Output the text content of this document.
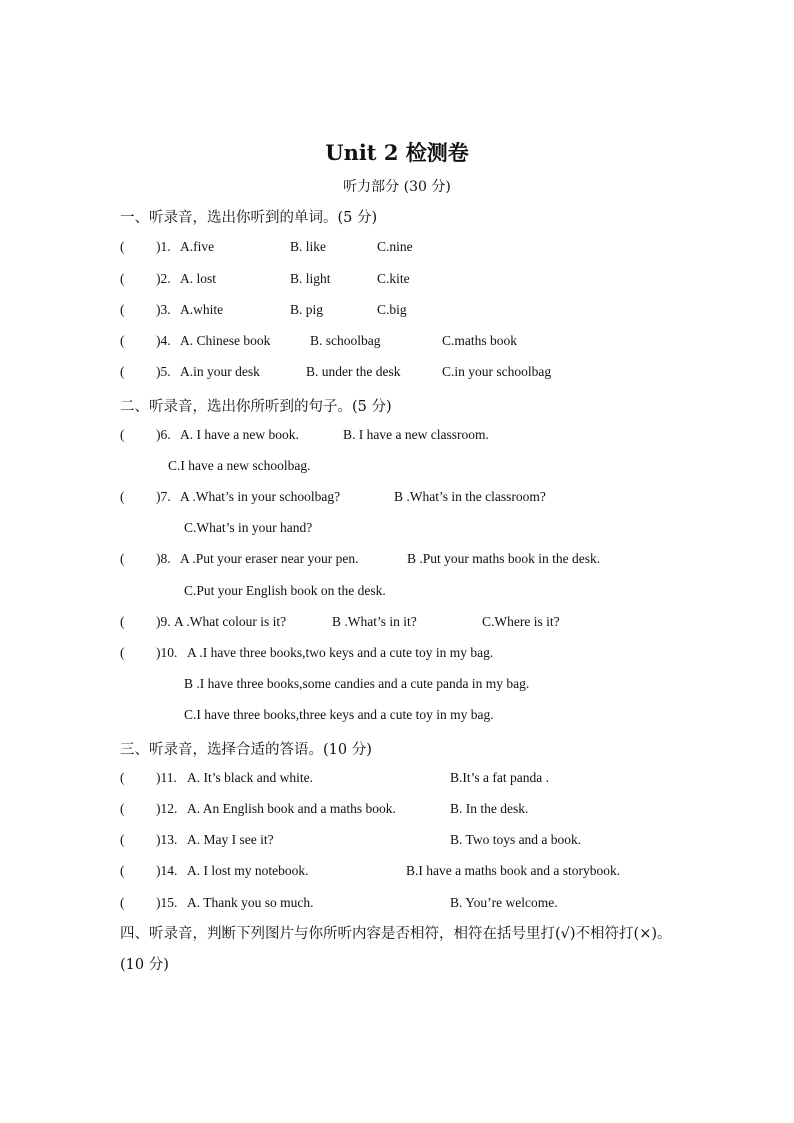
Unit 2 检测卷
听力部分 (30 分)
一、听录音，选出你听到的单词。(5 分)
( )1. A.five	B. like	C.nine
( )2. A. lost	B. light	C.kite
( )3. A.white	B. pig	C.big
( )4. A. Chinese book	B. schoolbag	C.maths book
( )5. A.in your desk	B. under the desk	C.in your schoolbag
二、听录音，选出你所听到的句子。(5 分)
( )6. A. I have a new book.	B. I have a new classroom.
C.I have a new schoolbag.
( )7. A .What’s in your schoolbag?	B .What’s in the classroom?
C.What’s in your hand?
( )8. A .Put your eraser near your pen.	B .Put your maths book in the desk.
C.Put your English book on the desk.
( )9. A .What colour is it?	B .What’s in it?	C.Where is it?
( )10. A .I have three books,two keys and a cute toy in my bag.
B .I have three books,some candies and a cute panda in my bag.
C.I have three books,three keys and a cute toy in my bag.
三、听录音，选择合适的答语。(10 分)
( )11. A. It’s black and white.	B.It’s a fat panda .
( )12. A. An English book and a maths book.	B. In the desk.
( )13. A. May I see it?	B. Two toys and a book.
( )14. A. I lost my notebook.	B.I have a maths book and a storybook.
( )15. A. Thank you so much.	B. You’re welcome.
四、听录音，判断下列图片与你所听内容是否相符，相符在括号里打(√)不相符打(×)。(10 分)
